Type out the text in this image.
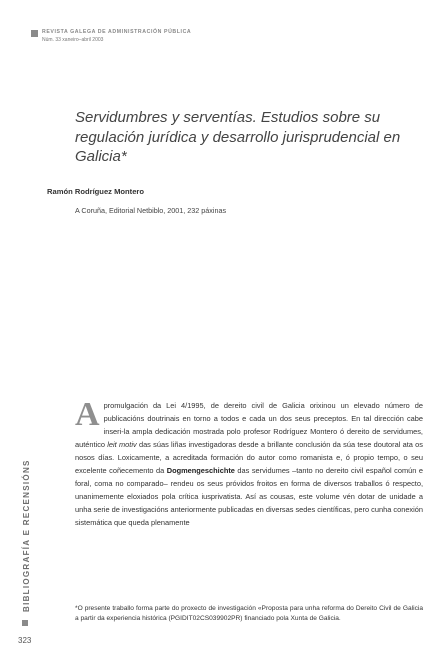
REVISTA GALEGA DE ADMINISTRACIÓN PÚBLICA
Núm. 33 xaneiro–abril 2003
Servidumbres y serventías. Estudios sobre su regulación jurídica y desarrollo jurisprudencial en Galicia*
Ramón Rodríguez Montero
A Coruña, Editorial Netbiblo, 2001, 232 páxinas

A promulgación da Lei 4/1995, de dereito civil de Galicia orixinou un elevado número de publicacións doutrinais en torno a todos e cada un dos seus preceptos. En tal dirección cabe inseri-la ampla dedicación mostrada polo profesor Rodríguez Montero ó dereito de servidumes, auténtico leit motiv das súas liñas investigadoras desde a brillante conclusión da súa tese doutoral ata os nosos días. Loxicamente, a acreditada formación do autor como romanista e, ó propio tempo, o seu excelente coñecemento da Dogmengeschichte das servidumes –tanto no dereito civil español común e foral, coma no comparado– rendeu os seus próvidos froitos en forma de diversos traballos ó respecto, unanimemente eloxiados pola crítica iusprivatista. Así as cousas, este volume vén dotar de unidade a unha serie de investigacións anteriormente publicadas en diversas sedes científicas, pero cunha conexión sistemática que queda plenamente

*O presente traballo forma parte do proxecto de investigación «Proposta para unha reforma do Dereito Civil de Galicia a partir da experiencia histórica (PGIDIT02CS039902PR) financiado pola Xunta de Galicia.

BIBLIOGRAFÍA E RECENSIÓNS
323
